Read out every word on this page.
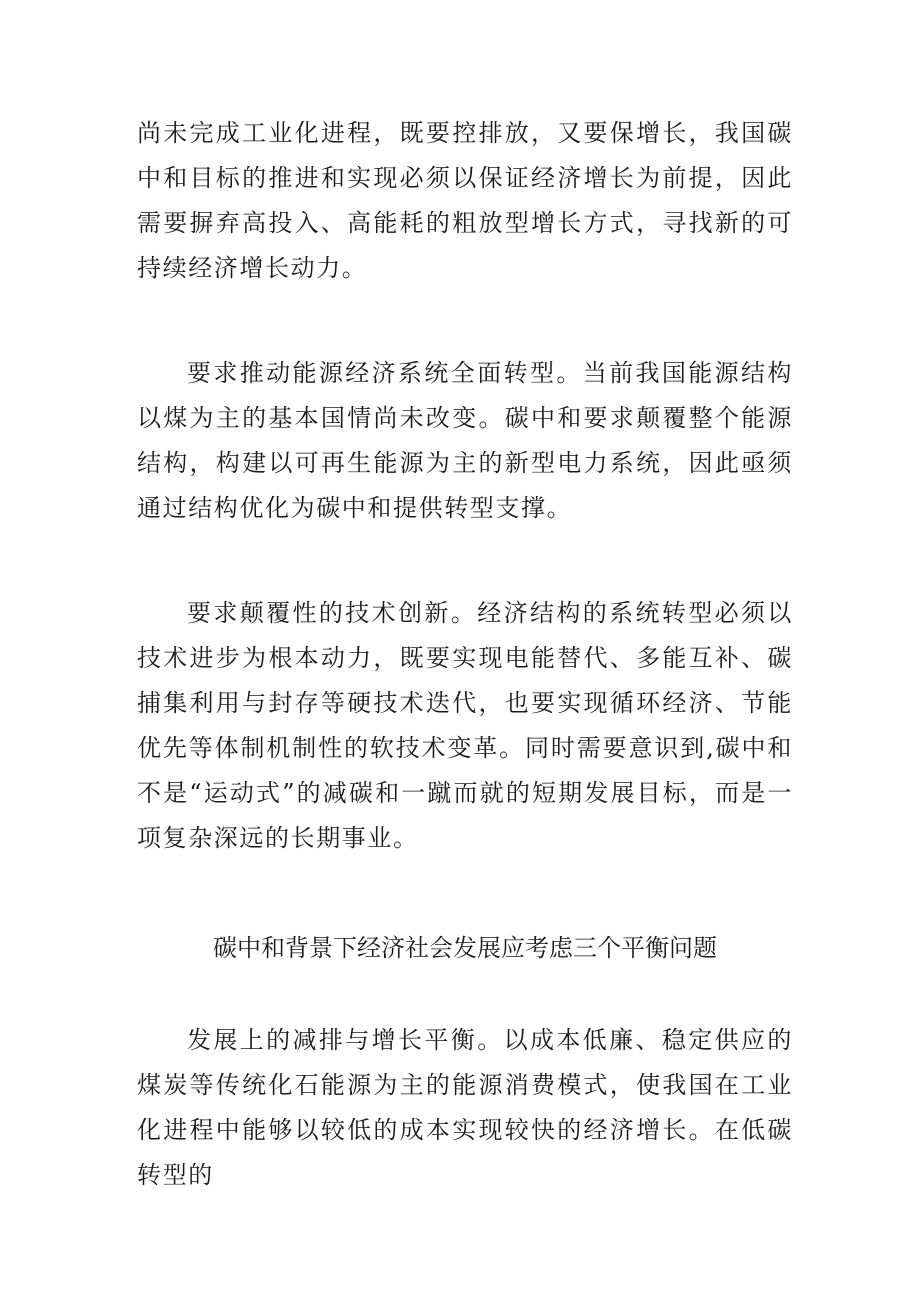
尚未完成工业化进程，既要控排放，又要保增长，我国碳中和目标的推进和实现必须以保证经济增长为前提，因此需要摒弃高投入、高能耗的粗放型增长方式，寻找新的可持续经济增长动力。

要求推动能源经济系统全面转型。当前我国能源结构以煤为主的基本国情尚未改变。碳中和要求颠覆整个能源结构，构建以可再生能源为主的新型电力系统，因此亟须通过结构优化为碳中和提供转型支撑。

要求颠覆性的技术创新。经济结构的系统转型必须以技术进步为根本动力，既要实现电能替代、多能互补、碳捕集利用与封存等硬技术迭代，也要实现循环经济、节能优先等体制机制性的软技术变革。同时需要意识到,碳中和不是“运动式”的减碳和一蹴而就的短期发展目标，而是一项复杂深远的长期事业。

碳中和背景下经济社会发展应考虑三个平衡问题

发展上的减排与增长平衡。以成本低廉、稳定供应的煤炭等传统化石能源为主的能源消费模式，使我国在工业化进程中能够以较低的成本实现较快的经济增长。在低碳转型的
